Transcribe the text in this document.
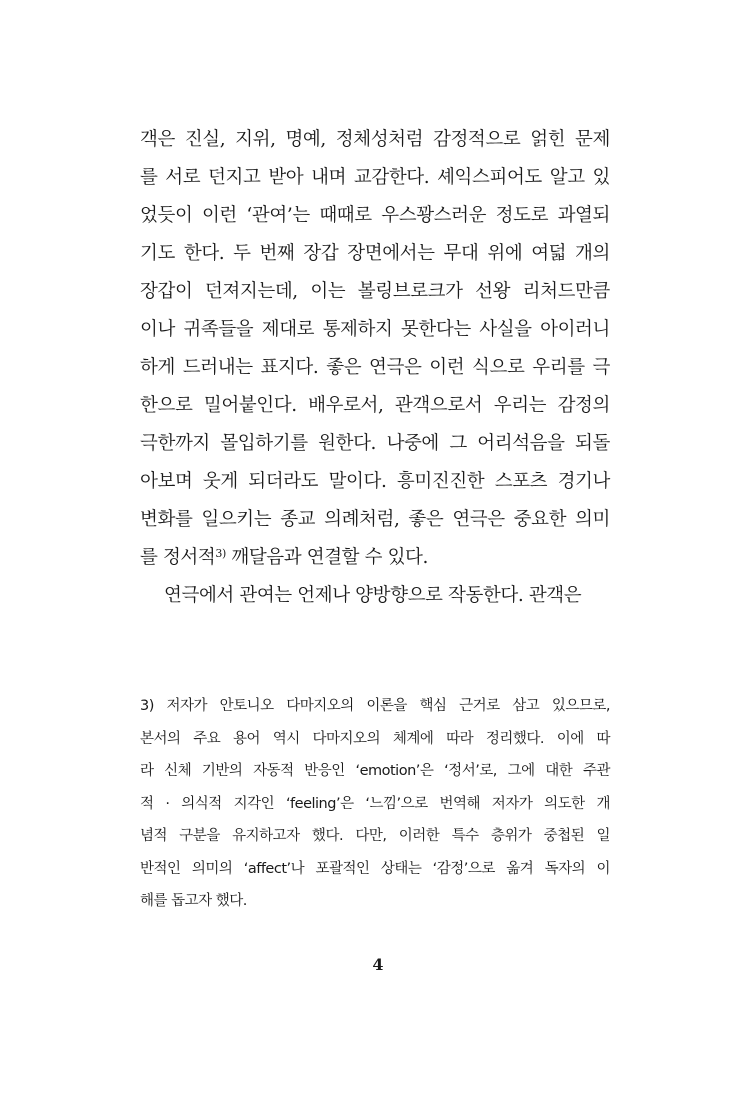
객은 진실, 지위, 명예, 정체성처럼 감정적으로 얽힌 문제
를 서로 던지고 받아 내며 교감한다. 셰익스피어도 알고 있
었듯이 이런 ‘관여’는 때때로 우스꽝스러운 정도로 과열되
기도 한다. 두 번째 장갑 장면에서는 무대 위에 여덟 개의
장갑이 던져지는데, 이는 볼링브로크가 선왕 리처드만큼
이나 귀족들을 제대로 통제하지 못한다는 사실을 아이러니
하게 드러내는 표지다. 좋은 연극은 이런 식으로 우리를 극
한으로 밀어붙인다. 배우로서, 관객으로서 우리는 감정의
극한까지 몰입하기를 원한다. 나중에 그 어리석음을 되돌
아보며 웃게 되더라도 말이다. 흥미진진한 스포츠 경기나
변화를 일으키는 종교 의례처럼, 좋은 연극은 중요한 의미
를 정서적$^{3)}$ 깨달음과 연결할 수 있다.
연극에서 관여는 언제나 양방향으로 작동한다. 관객은
3) 저자가 안토니오 다마지오의 이론을 핵심 근거로 삼고 있으므로,
본서의 주요 용어 역시 다마지오의 체계에 따라 정리했다. 이에 따
라 신체 기반의 자동적 반응인 ‘emotion’은 ‘정서’로, 그에 대한 주관
적 · 의식적 지각인 ‘feeling’은 ‘느낌’으로 번역해 저자가 의도한 개
념적 구분을 유지하고자 했다. 다만, 이러한 특수 층위가 중첩된 일
반적인 의미의 ‘affect’나 포괄적인 상태는 ‘감정’으로 옮겨 독자의 이
해를 돕고자 했다.
4
